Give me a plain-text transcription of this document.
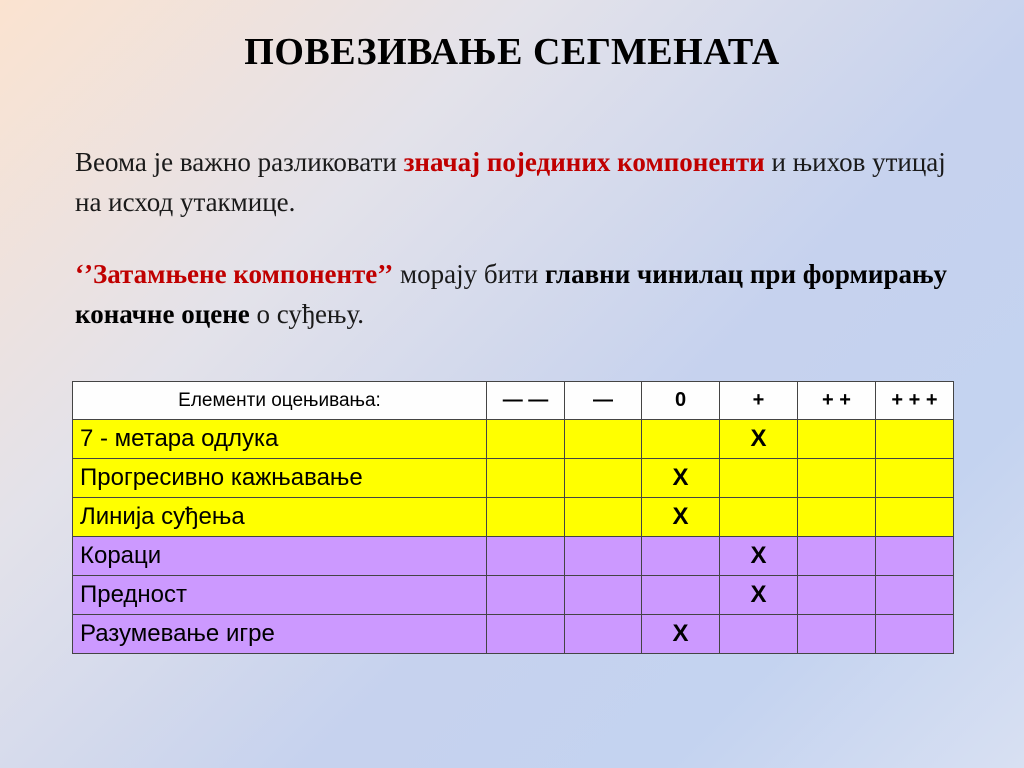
ПОВЕЗИВАЊЕ СЕГМЕНАТА
Веома је важно разликовати значај појединих компоненти и њихов утицај на исход утакмице.
‘’Затамњене компоненте’’ морају бити главни чинилац при формирању коначне оцене о суђењу.
Елементи оцењивања:	— —	—	0	+	+ +	+ + +
7 - метара одлука				X		
Прогресивно кажњавање			X			
Линија суђења			X			
Кораци				X		
Предност				X		
Разумевање игре			X			
